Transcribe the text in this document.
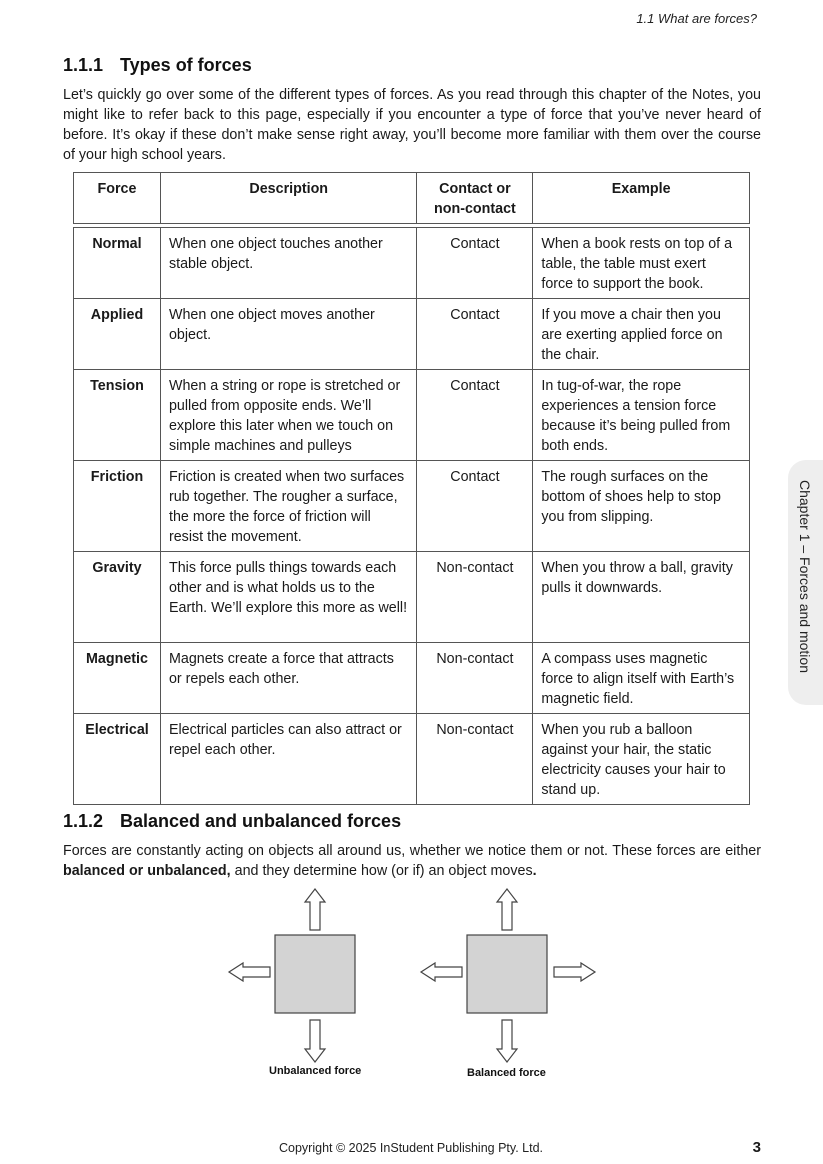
1.1 What are forces?
1.1.1 Types of forces

Let’s quickly go over some of the different types of forces. As you read through this chapter of the Notes, you might like to refer back to this page, especially if you encounter a type of force that you’ve never heard of before. It’s okay if these don’t make sense right away, you’ll become more familiar with them over the course of your high school years.

Force	Description	Contact or non-contact	Example

Normal	When one object touches another stable object.	Contact	When a book rests on top of a table, the table must exert force to support the book.
Applied	When one object moves another object.	Contact	If you move a chair then you are exerting applied force on the chair.
Tension	When a string or rope is stretched or pulled from opposite ends. We’ll explore this later when we touch on simple machines and pulleys	Contact	In tug-of-war, the rope experiences a tension force because it’s being pulled from both ends.
Friction	Friction is created when two surfaces rub together. The rougher a surface, the more the force of friction will resist the movement.	Contact	The rough surfaces on the bottom of shoes help to stop you from slipping.
Gravity	This force pulls things towards each other and is what holds us to the Earth. We’ll explore this more as well!	Non-contact	When you throw a ball, gravity pulls it downwards.
Magnetic	Magnets create a force that attracts or repels each other.	Non-contact	A compass uses magnetic force to align itself with Earth’s magnetic field.
Electrical	Electrical particles can also attract or repel each other.	Non-contact	When you rub a balloon against your hair, the static electricity causes your hair to stand up.
Chapter 1 – Forces and motion
1.1.2 Balanced and unbalanced forces

Forces are constantly acting on objects all around us, whether we notice them or not. These forces are either balanced or unbalanced, and they determine how (or if) an object moves.

Unbalanced force	Balanced force
Copyright © 2025 InStudent Publishing Pty. Ltd.	3
